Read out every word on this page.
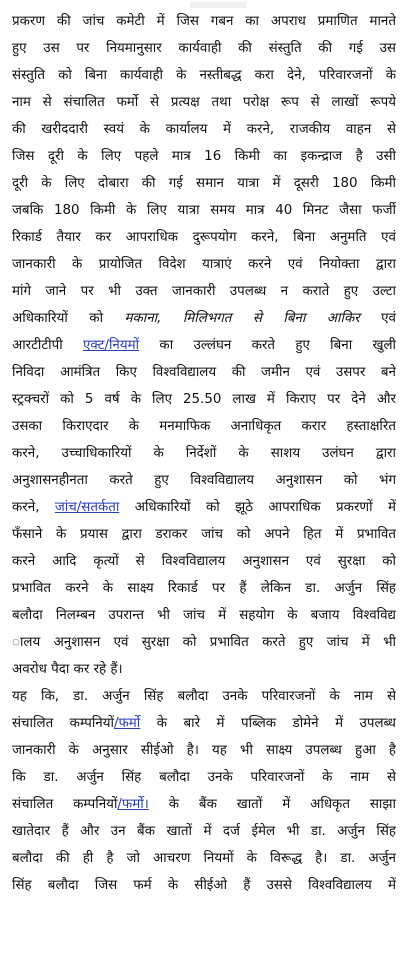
प्रकरण की जांच कमेटी में जिस गबन का अपराध प्रमाणित मानते
हुए उस पर नियमानुसार कार्यवाही की संस्तुति की गई उस
संस्तुति को बिना कार्यवाही के नस्तीबद्ध करा देने, परिवारजनों के
नाम से संचालित फर्मो से प्रत्यक्ष तथा परोक्ष रूप से लाखों रूपये
की खरीददारी स्वयं के कार्यालय में करने, राजकीय वाहन से
जिस दूरी के लिए पहले मात्र 16 किमी का इकन्द्राज है उसी
दूरी के लिए दोबारा की गई समान यात्रा में दूसरी 180 किमी
जबकि 180 किमी के लिए यात्रा समय मात्र 40 मिनट जैसा फर्जी
रिकार्ड तैयार कर आपराधिक दुरूपयोग करने, बिना अनुमति एवं
जानकारी के प्रायोजित विदेश यात्राएं करने एवं नियोक्ता द्वारा
मांगे जाने पर भी उक्त जानकारी उपलब्ध न कराते हुए उल्टा
अधिकारियों को मकाना, मिलिभगत से बिना आकिर एवं
आरटीटीपी एक्ट/नियमों का उल्लंघन करते हुए बिना खुली
निविदा आमंत्रित किए विश्वविद्यालय की जमीन एवं उसपर बने
स्ट्रक्चरों को 5 वर्ष के लिए 25.50 लाख में किराए पर देने और
उसका किराएदार के मनमाफिक अनाधिकृत करार हस्ताक्षरित
करने, उच्चाधिकारियों के निर्देशों के साशय उलंघन द्वारा
अनुशासनहीनता करते हुए विश्वविद्यालय अनुशासन को भंग
करने, जांच/सतर्कता अधिकारियों को झूठे आपराधिक प्रकरणों में
फँसाने के प्रयास द्वारा डराकर जांच को अपने हित में प्रभावित
करने आदि कृत्यों से विश्वविद्यालय अनुशासन एवं सुरक्षा को
प्रभावित करने के साक्ष्य रिकार्ड पर हैं लेकिन डा. अर्जुन सिंह
बलौदा निलम्बन उपरान्त भी जांच में सहयोग के बजाय विश्वविद्य
ालय अनुशासन एवं सुरक्षा को प्रभावित करते हुए जांच में भी
अवरोध पैदा कर रहे हैं।
यह कि, डा. अर्जुन सिंह बलौदा उनके परिवारजनों के नाम से
संचालित कम्पनियों/फर्मो के बारे में पब्लिक डोमेने में उपलब्ध
जानकारी के अनुसार सीईओ है। यह भी साक्ष्य उपलब्ध हुआ है
कि डा. अर्जुन सिंह बलौदा उनके परिवारजनों के नाम से
संचालित कम्पनियों/फर्मो। के बैंक खातों में अधिकृत साझा
खातेदार हैं और उन बैंक खातों में दर्ज ईमेल भी डा. अर्जुन सिंह
बलौदा की ही है जो आचरण नियमों के विरूद्ध है। डा. अर्जुन
सिंह बलौदा जिस फर्म के सीईओ हैं उससे विश्वविद्यालय में
